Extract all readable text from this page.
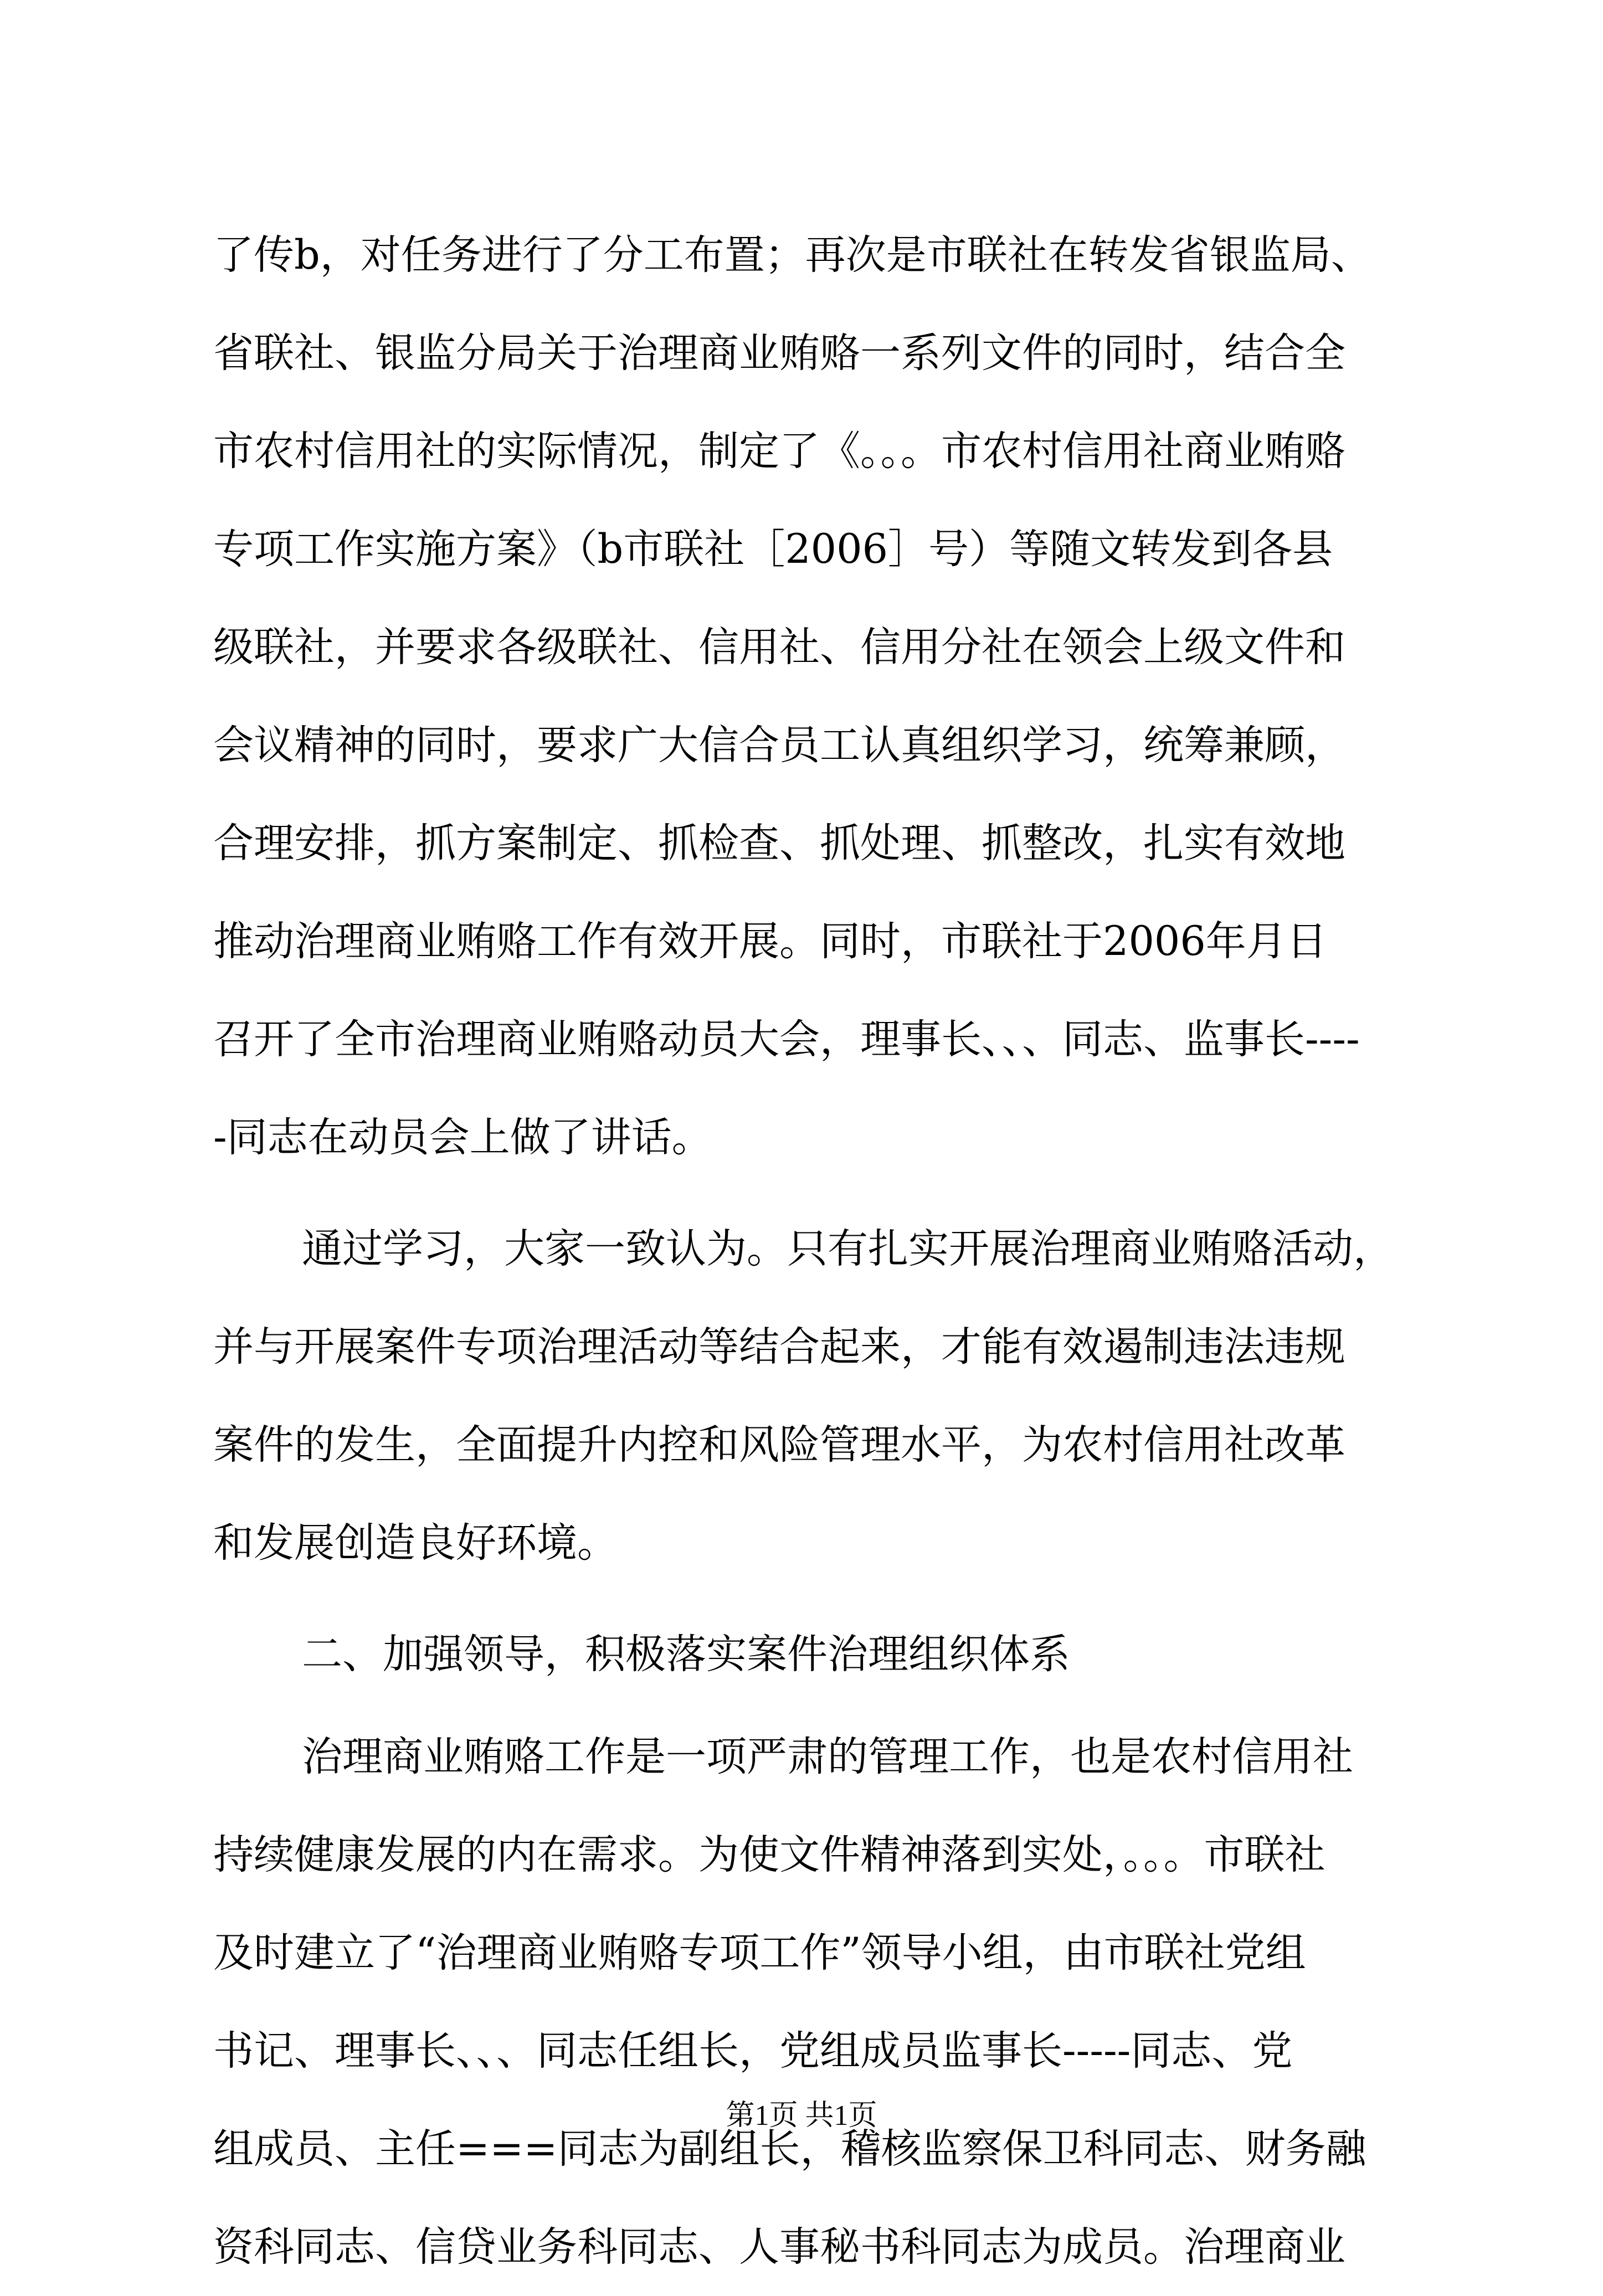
了传b，对任务进行了分工布置；再次是市联社在转发省银监局、
省联社、银监分局关于治理商业贿赂一系列文件的同时，结合全
市农村信用社的实际情况，制定了《。。。市农村信用社商业贿赂
专项工作实施方案》（b市联社［2006］号）等随文转发到各县
级联社，并要求各级联社、信用社、信用分社在领会上级文件和
会议精神的同时，要求广大信合员工认真组织学习，统筹兼顾，
合理安排，抓方案制定、抓检查、抓处理、抓整改，扎实有效地
推动治理商业贿赂工作有效开展。同时，市联社于2006年月日
召开了全市治理商业贿赂动员大会，理事长、、、同志、监事长----
-同志在动员会上做了讲话。
通过学习，大家一致认为。只有扎实开展治理商业贿赂活动，
并与开展案件专项治理活动等结合起来，才能有效遏制违法违规
案件的发生，全面提升内控和风险管理水平，为农村信用社改革
和发展创造良好环境。
二、加强领导，积极落实案件治理组织体系
治理商业贿赂工作是一项严肃的管理工作，也是农村信用社
持续健康发展的内在需求。为使文件精神落到实处，。。。市联社
及时建立了“治理商业贿赂专项工作”领导小组，由市联社党组
书记、理事长、、、同志任组长，党组成员监事长-----同志、党
组成员、主任===同志为副组长，稽核监察保卫科同志、财务融
资科同志、信贷业务科同志、人事秘书科同志为成员。治理商业
第1页 共1页
